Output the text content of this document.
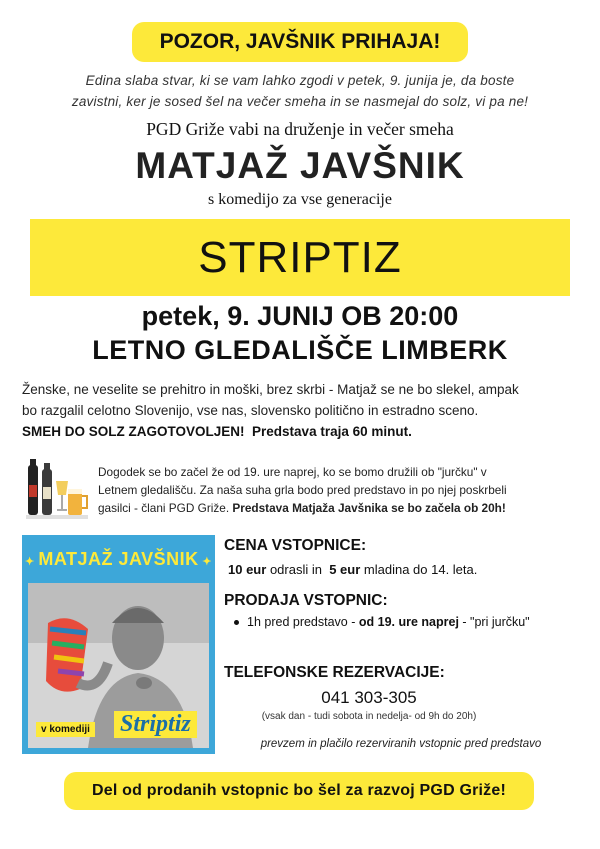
POZOR, JAVŠNIK PRIHAJA!
Edina slaba stvar, ki se vam lahko zgodi v petek, 9. junija je, da boste
zavistni, ker je sosed šel na večer smeha in se nasmejal do solz, vi pa ne!
PGD Griže vabi na druženje in večer smeha
MATJAŽ JAVŠNIK
s komedijo za vse generacije
STRIPTIZ
petek, 9. JUNIJ OB 20:00
LETNO GLEDALIŠČE LIMBERK
Ženske, ne veselite se prehitro in moški, brez skrbi - Matjaž se ne bo slekel, ampak
bo razgalil celotno Slovenijo, vse nas, slovensko politično in estradno sceno.
SMEH DO SOLZ ZAGOTOVOLJEN! Predstava traja 60 minut.
Dogodek se bo začel že od 19. ure naprej, ko se bomo družili ob "jurčku" v
Letnem gledališču. Za naša suha grla bodo pred predstavo in po njej poskrbeli
gasilci - člani PGD Griže. Predstava Matjaža Javšnika se bo začela ob 20h!
✦ MATJAŽ JAVŠNIK ✦
v komediji Striptiz
CENA VSTOPNICE:
10 eur odrasli in 5 eur mladina do 14. leta.
PRODAJA VSTOPNIC:
1h pred predstavo - od 19. ure naprej - "pri jurčku"
TELEFONSKE REZERVACIJE:
041 303-305
(vsak dan - tudi sobota in nedelja- od 9h do 20h)
prevzem in plačilo rezerviranih vstopnic pred predstavo
Del od prodanih vstopnic bo šel za razvoj PGD Griže!
